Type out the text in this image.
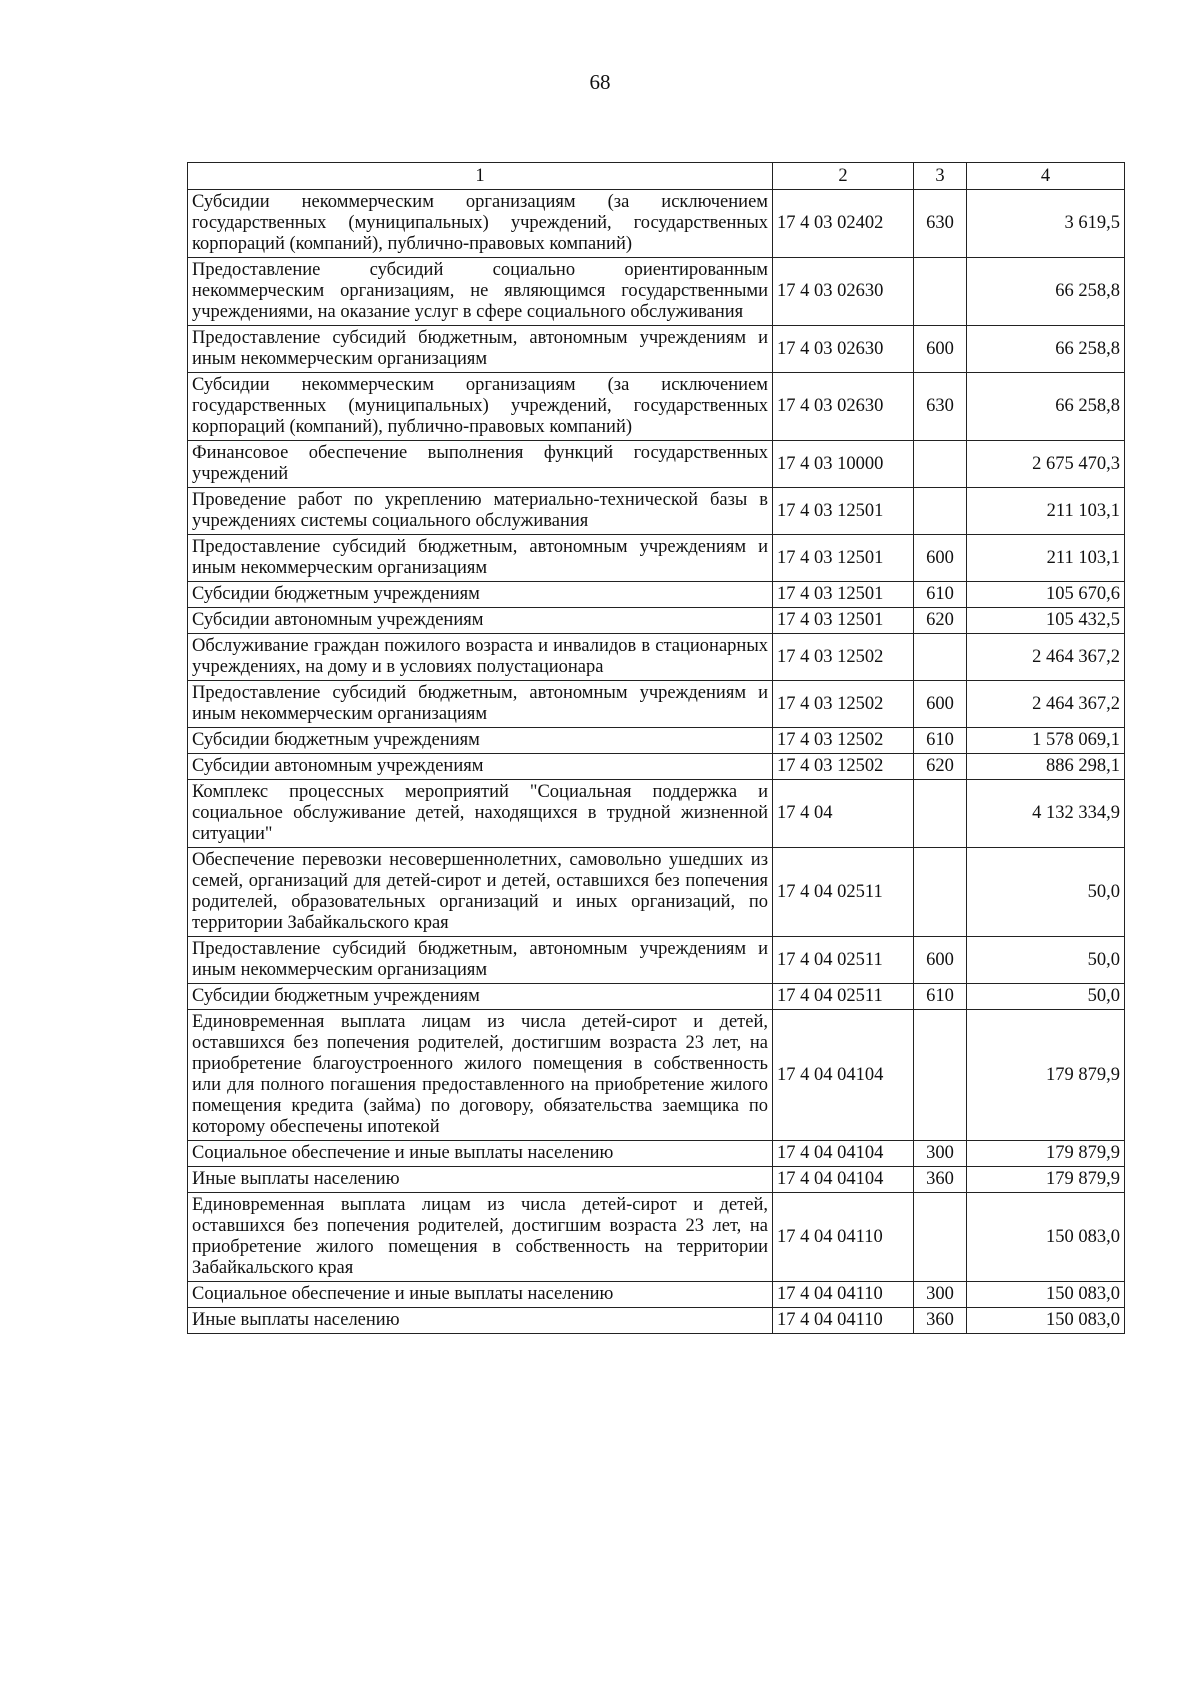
68
1	2	3	4
Субсидии некоммерческим организациям (за исключением государственных (муниципальных) учреждений, государственных корпораций (компаний), публично-правовых компаний)	17 4 03 02402	630	3 619,5
Предоставление субсидий социально ориентированным некоммерческим организациям, не являющимся государственными учреждениями, на оказание услуг в сфере социального обслуживания	17 4 03 02630		66 258,8
Предоставление субсидий бюджетным, автономным учреждениям и иным некоммерческим организациям	17 4 03 02630	600	66 258,8
Субсидии некоммерческим организациям (за исключением государственных (муниципальных) учреждений, государственных корпораций (компаний), публично-правовых компаний)	17 4 03 02630	630	66 258,8
Финансовое обеспечение выполнения функций государственных учреждений	17 4 03 10000		2 675 470,3
Проведение работ по укреплению материально-технической базы в учреждениях системы социального обслуживания	17 4 03 12501		211 103,1
Предоставление субсидий бюджетным, автономным учреждениям и иным некоммерческим организациям	17 4 03 12501	600	211 103,1
Субсидии бюджетным учреждениям	17 4 03 12501	610	105 670,6
Субсидии автономным учреждениям	17 4 03 12501	620	105 432,5
Обслуживание граждан пожилого возраста и инвалидов в стационарных учреждениях, на дому и в условиях полустационара	17 4 03 12502		2 464 367,2
Предоставление субсидий бюджетным, автономным учреждениям и иным некоммерческим организациям	17 4 03 12502	600	2 464 367,2
Субсидии бюджетным учреждениям	17 4 03 12502	610	1 578 069,1
Субсидии автономным учреждениям	17 4 03 12502	620	886 298,1
Комплекс процессных мероприятий "Социальная поддержка и социальное обслуживание детей, находящихся в трудной жизненной ситуации"	17 4 04		4 132 334,9
Обеспечение перевозки несовершеннолетних, самовольно ушедших из семей, организаций для детей-сирот и детей, оставшихся без попечения родителей, образовательных организаций и иных организаций, по территории Забайкальского края	17 4 04 02511		50,0
Предоставление субсидий бюджетным, автономным учреждениям и иным некоммерческим организациям	17 4 04 02511	600	50,0
Субсидии бюджетным учреждениям	17 4 04 02511	610	50,0
Единовременная выплата лицам из числа детей-сирот и детей, оставшихся без попечения родителей, достигшим возраста 23 лет, на приобретение благоустроенного жилого помещения в собственность или для полного погашения предоставленного на приобретение жилого помещения кредита (займа) по договору, обязательства заемщика по которому обеспечены ипотекой	17 4 04 04104		179 879,9
Социальное обеспечение и иные выплаты населению	17 4 04 04104	300	179 879,9
Иные выплаты населению	17 4 04 04104	360	179 879,9
Единовременная выплата лицам из числа детей-сирот и детей, оставшихся без попечения родителей, достигшим возраста 23 лет, на приобретение жилого помещения в собственность на территории Забайкальского края	17 4 04 04110		150 083,0
Социальное обеспечение и иные выплаты населению	17 4 04 04110	300	150 083,0
Иные выплаты населению	17 4 04 04110	360	150 083,0
